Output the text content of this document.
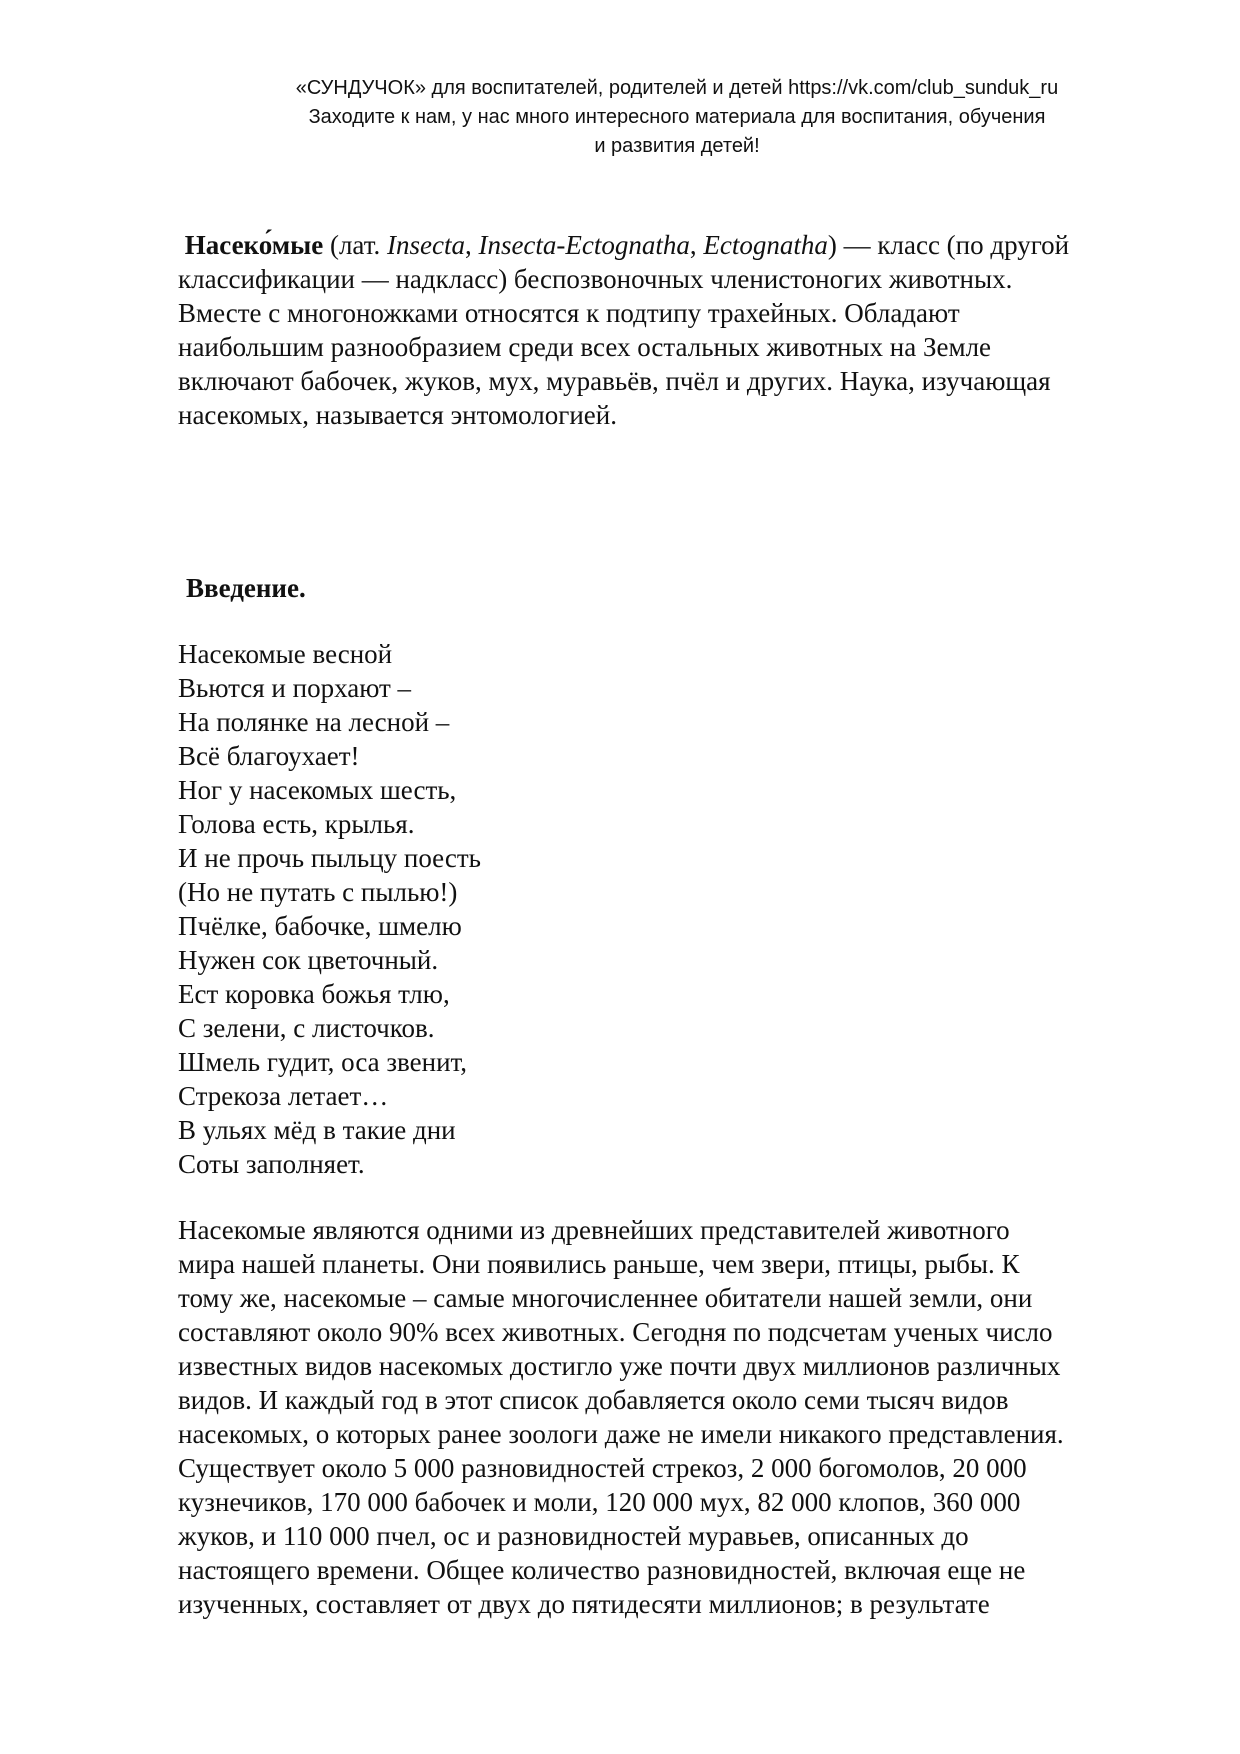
«СУНДУЧОК» для воспитателей, родителей и детей https://vk.com/club_sunduk_ru
Заходите к нам, у нас много интересного материала для воспитания, обучения
и развития детей!
Насеко́мые (лат. Insecta, Insecta-Ectognatha, Ectognatha) — класс (по другой
классификации — надкласс) беспозвоночных членистоногих животных.
Вместе с многоножками относятся к подтипу трахейных. Обладают
наибольшим разнообразием среди всех остальных животных на Земле
включают бабочек, жуков, мух, муравьёв, пчёл и других. Наука, изучающая
насекомых, называется энтомологией.
Введение.
Насекомые весной
Вьются и порхают –
На полянке на лесной –
Всё благоухает!
Ног у насекомых шесть,
Голова есть, крылья.
И не прочь пыльцу поесть
(Но не путать с пылью!)
Пчёлке, бабочке, шмелю
Нужен сок цветочный.
Ест коровка божья тлю,
С зелени, с листочков.
Шмель гудит, оса звенит,
Стрекоза летает…
В ульях мёд в такие дни
Соты заполняет.
Насекомые являются одними из древнейших представителей животного
мира нашей планеты. Они появились раньше, чем звери, птицы, рыбы. К
тому же, насекомые – самые многочисленнее обитатели нашей земли, они
составляют около 90% всех животных. Сегодня по подсчетам ученых число
известных видов насекомых достигло уже почти двух миллионов различных
видов. И каждый год в этот список добавляется около семи тысяч видов
насекомых, о которых ранее зоологи даже не имели никакого представления.
Существует около 5 000 разновидностей стрекоз, 2 000 богомолов, 20 000
кузнечиков, 170 000 бабочек и моли, 120 000 мух, 82 000 клопов, 360 000
жуков, и 110 000 пчел, ос и разновидностей муравьев, описанных до
настоящего времени. Общее количество разновидностей, включая еще не
изученных, составляет от двух до пятидесяти миллионов; в результате
